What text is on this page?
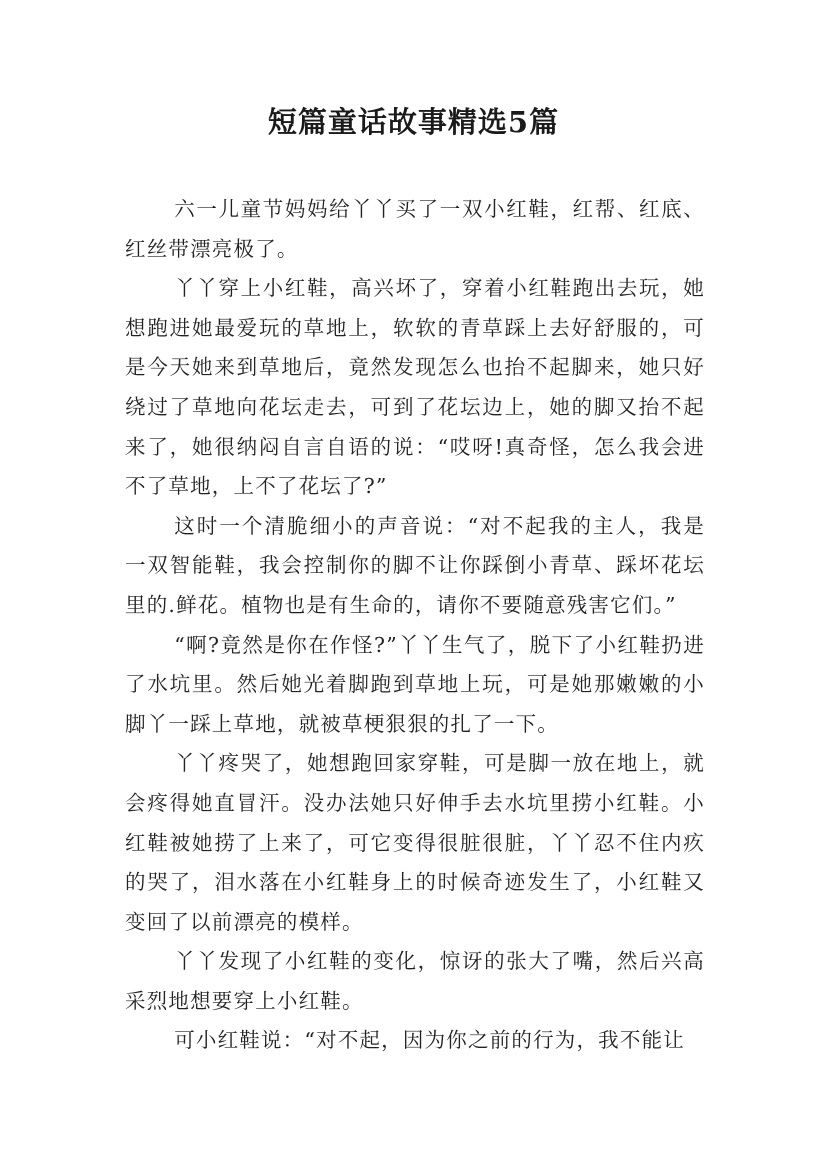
短篇童话故事精选5篇

六一儿童节妈妈给丫丫买了一双小红鞋，红帮、红底、红丝带漂亮极了。

丫丫穿上小红鞋，高兴坏了，穿着小红鞋跑出去玩，她想跑进她最爱玩的草地上，软软的青草踩上去好舒服的，可是今天她来到草地后，竟然发现怎么也抬不起脚来，她只好绕过了草地向花坛走去，可到了花坛边上，她的脚又抬不起来了，她很纳闷自言自语的说：“哎呀!真奇怪，怎么我会进不了草地，上不了花坛了?”

这时一个清脆细小的声音说：“对不起我的主人，我是一双智能鞋，我会控制你的脚不让你踩倒小青草、踩坏花坛里的.鲜花。植物也是有生命的，请你不要随意残害它们。”

“啊?竟然是你在作怪?”丫丫生气了，脱下了小红鞋扔进了水坑里。然后她光着脚跑到草地上玩，可是她那嫩嫩的小脚丫一踩上草地，就被草梗狠狠的扎了一下。

丫丫疼哭了，她想跑回家穿鞋，可是脚一放在地上，就会疼得她直冒汗。没办法她只好伸手去水坑里捞小红鞋。小红鞋被她捞了上来了，可它变得很脏很脏，丫丫忍不住内疚的哭了，泪水落在小红鞋身上的时候奇迹发生了，小红鞋又变回了以前漂亮的模样。

丫丫发现了小红鞋的变化，惊讶的张大了嘴，然后兴高采烈地想要穿上小红鞋。

可小红鞋说：“对不起，因为你之前的行为，我不能让
